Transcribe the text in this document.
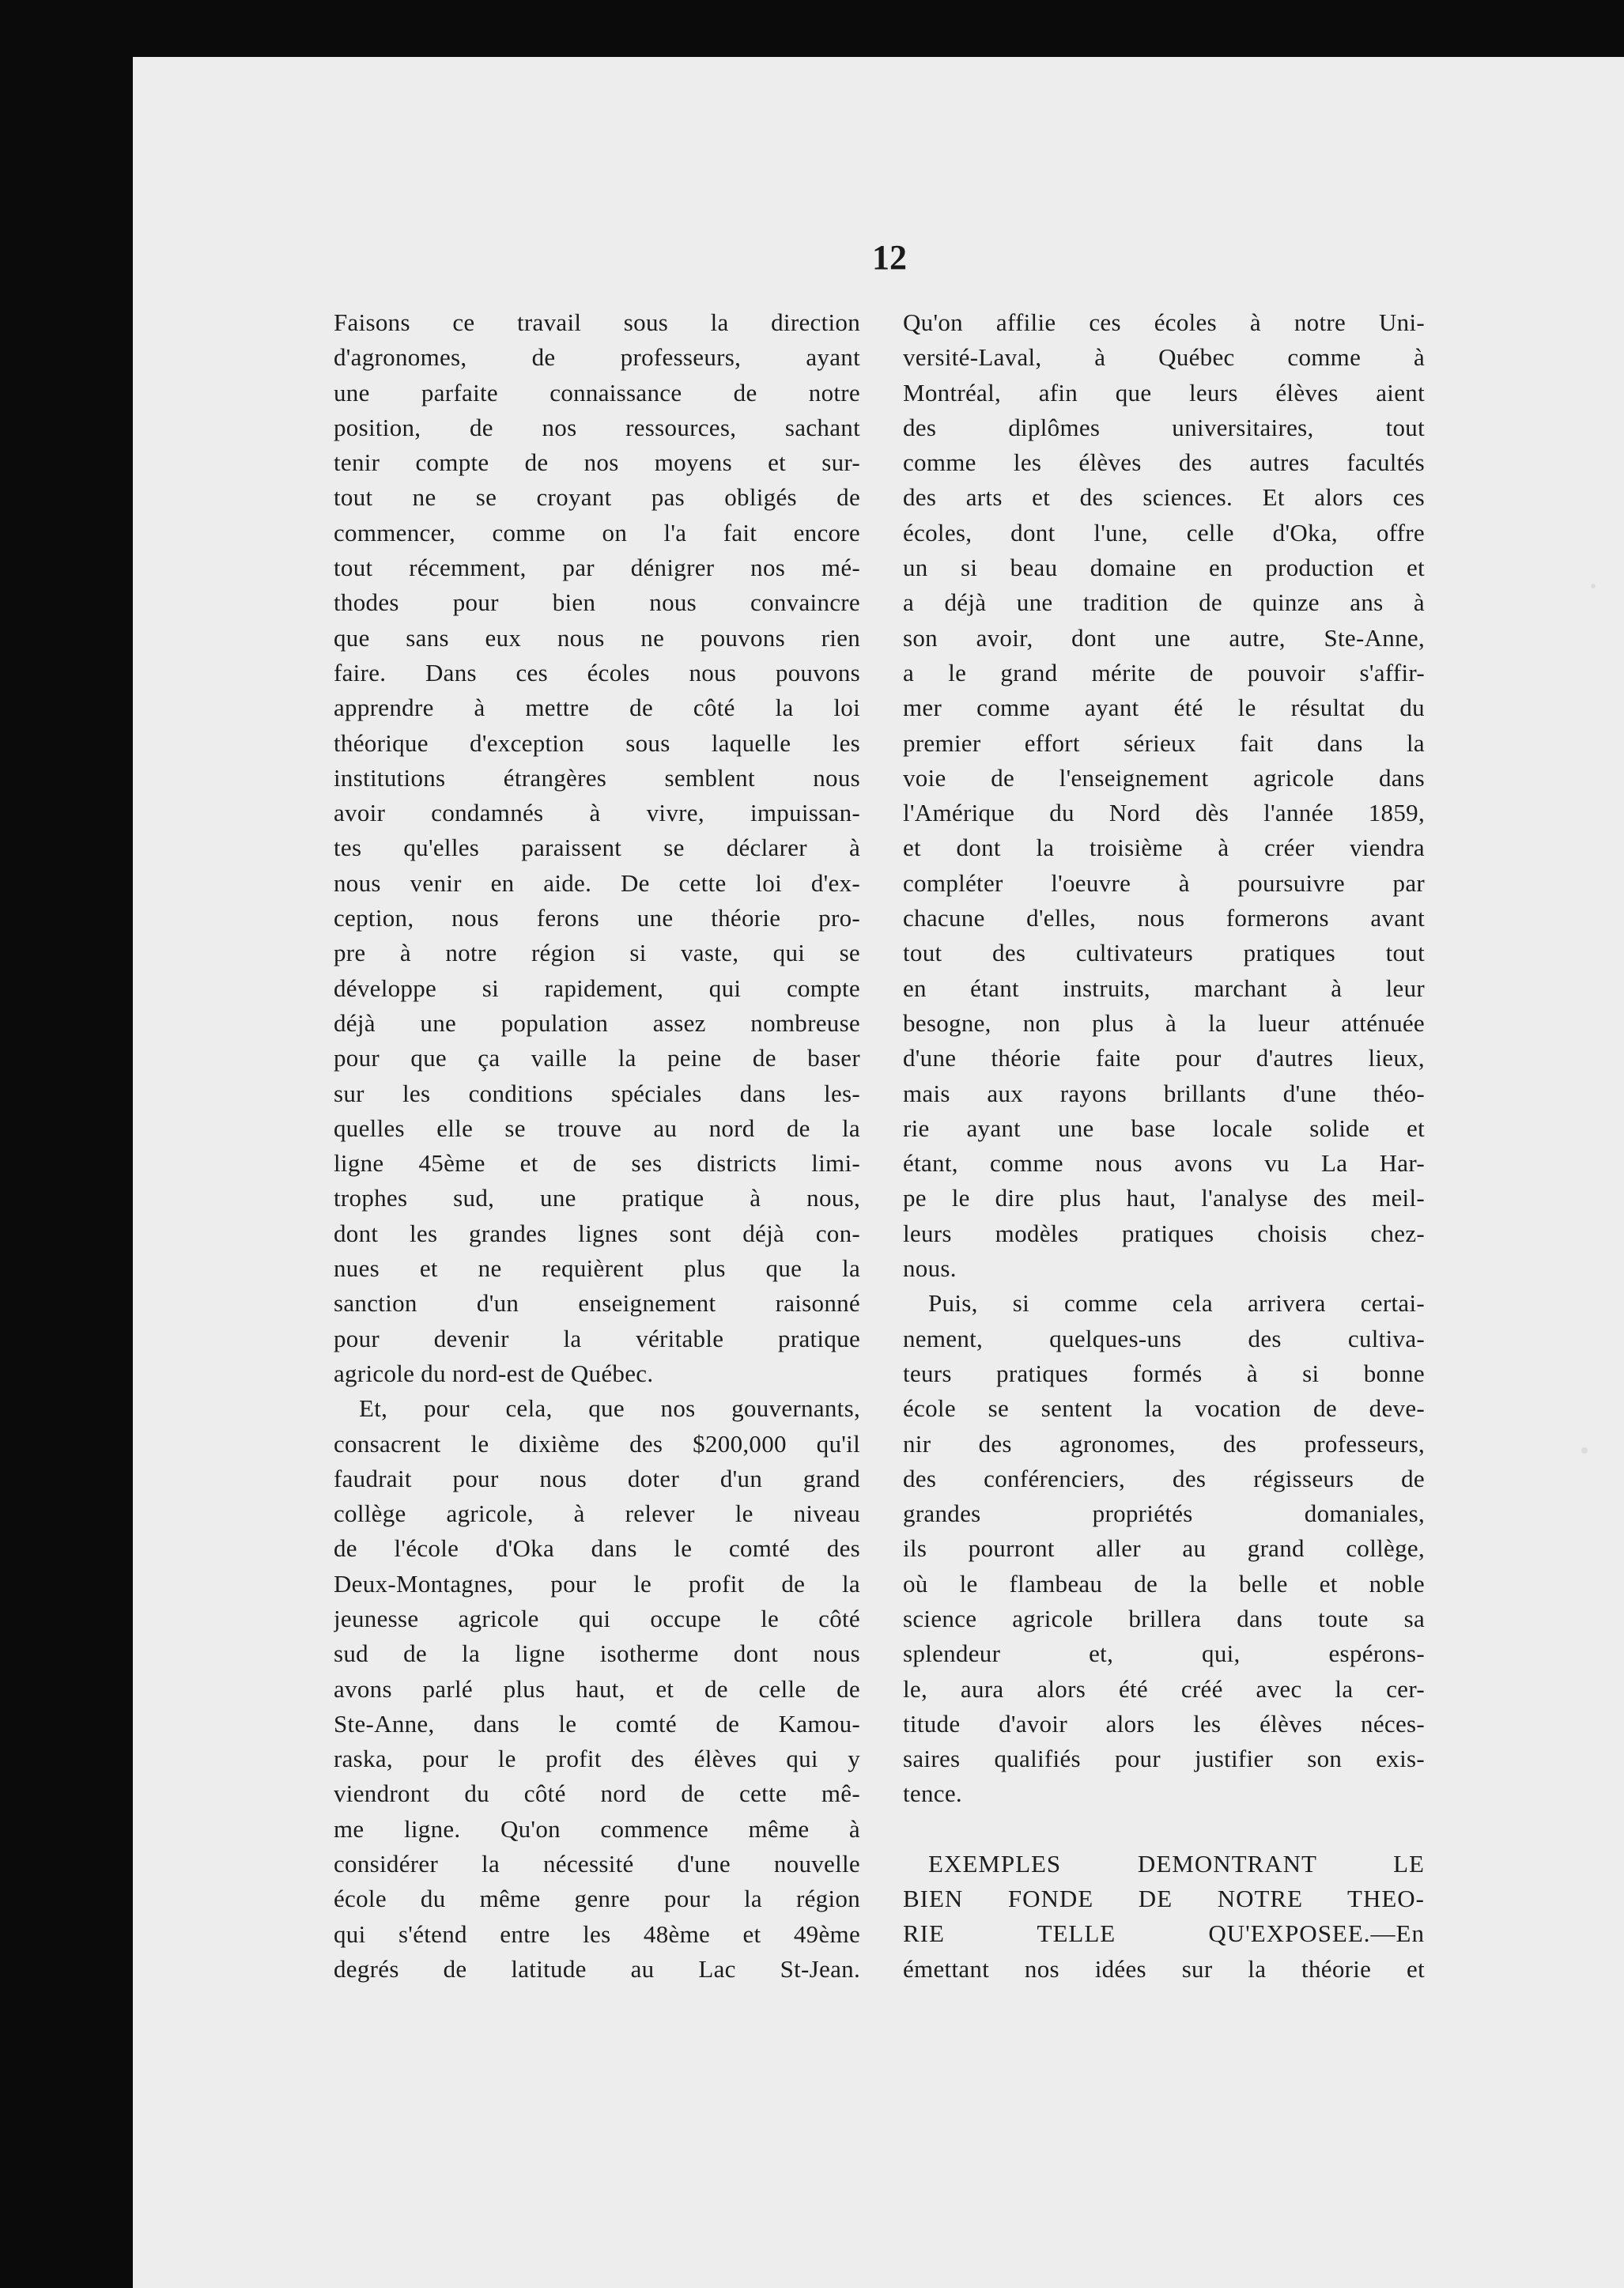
12
Faisons ce travail sous la direction
d'agronomes, de professeurs, ayant
une parfaite connaissance de notre
position, de nos ressources, sachant
tenir compte de nos moyens et sur-
tout ne se croyant pas obligés de
commencer, comme on l'a fait encore
tout récemment, par dénigrer nos mé-
thodes pour bien nous convaincre
que sans eux nous ne pouvons rien
faire. Dans ces écoles nous pouvons
apprendre à mettre de côté la loi
théorique d'exception sous laquelle les
institutions étrangères semblent nous
avoir condamnés à vivre, impuissan-
tes qu'elles paraissent se déclarer à
nous venir en aide. De cette loi d'ex-
ception, nous ferons une théorie pro-
pre à notre région si vaste, qui se
développe si rapidement, qui compte
déjà une population assez nombreuse
pour que ça vaille la peine de baser
sur les conditions spéciales dans les-
quelles elle se trouve au nord de la
ligne 45ème et de ses districts limi-
trophes sud, une pratique à nous,
dont les grandes lignes sont déjà con-
nues et ne requièrent plus que la
sanction d'un enseignement raisonné
pour devenir la véritable pratique
agricole du nord-est de Québec.
Et, pour cela, que nos gouvernants,
consacrent le dixième des $200,000 qu'il
faudrait pour nous doter d'un grand
collège agricole, à relever le niveau
de l'école d'Oka dans le comté des
Deux-Montagnes, pour le profit de la
jeunesse agricole qui occupe le côté
sud de la ligne isotherme dont nous
avons parlé plus haut, et de celle de
Ste-Anne, dans le comté de Kamou-
raska, pour le profit des élèves qui y
viendront du côté nord de cette mê-
me ligne. Qu'on commence même à
considérer la nécessité d'une nouvelle
école du même genre pour la région
qui s'étend entre les 48ème et 49ème
degrés de latitude au Lac St-Jean.
Qu'on affilie ces écoles à notre Uni-
versité-Laval, à Québec comme à
Montréal, afin que leurs élèves aient
des diplômes universitaires, tout
comme les élèves des autres facultés
des arts et des sciences. Et alors ces
écoles, dont l'une, celle d'Oka, offre
un si beau domaine en production et
a déjà une tradition de quinze ans à
son avoir, dont une autre, Ste-Anne,
a le grand mérite de pouvoir s'affir-
mer comme ayant été le résultat du
premier effort sérieux fait dans la
voie de l'enseignement agricole dans
l'Amérique du Nord dès l'année 1859,
et dont la troisième à créer viendra
compléter l'oeuvre à poursuivre par
chacune d'elles, nous formerons avant
tout des cultivateurs pratiques tout
en étant instruits, marchant à leur
besogne, non plus à la lueur atténuée
d'une théorie faite pour d'autres lieux,
mais aux rayons brillants d'une théo-
rie ayant une base locale solide et
étant, comme nous avons vu La Har-
pe le dire plus haut, l'analyse des meil-
leurs modèles pratiques choisis chez-
nous.
Puis, si comme cela arrivera certai-
nement, quelques-uns des cultiva-
teurs pratiques formés à si bonne
école se sentent la vocation de deve-
nir des agronomes, des professeurs,
des conférenciers, des régisseurs de
grandes propriétés domaniales,
ils pourront aller au grand collège,
où le flambeau de la belle et noble
science agricole brillera dans toute sa
splendeur et, qui, espérons-
le, aura alors été créé avec la cer-
titude d'avoir alors les élèves néces-
saires qualifiés pour justifier son exis-
tence.
EXEMPLES DEMONTRANT LE
BIEN FONDE DE NOTRE THEO-
RIE TELLE QU'EXPOSEE.—En
émettant nos idées sur la théorie et
